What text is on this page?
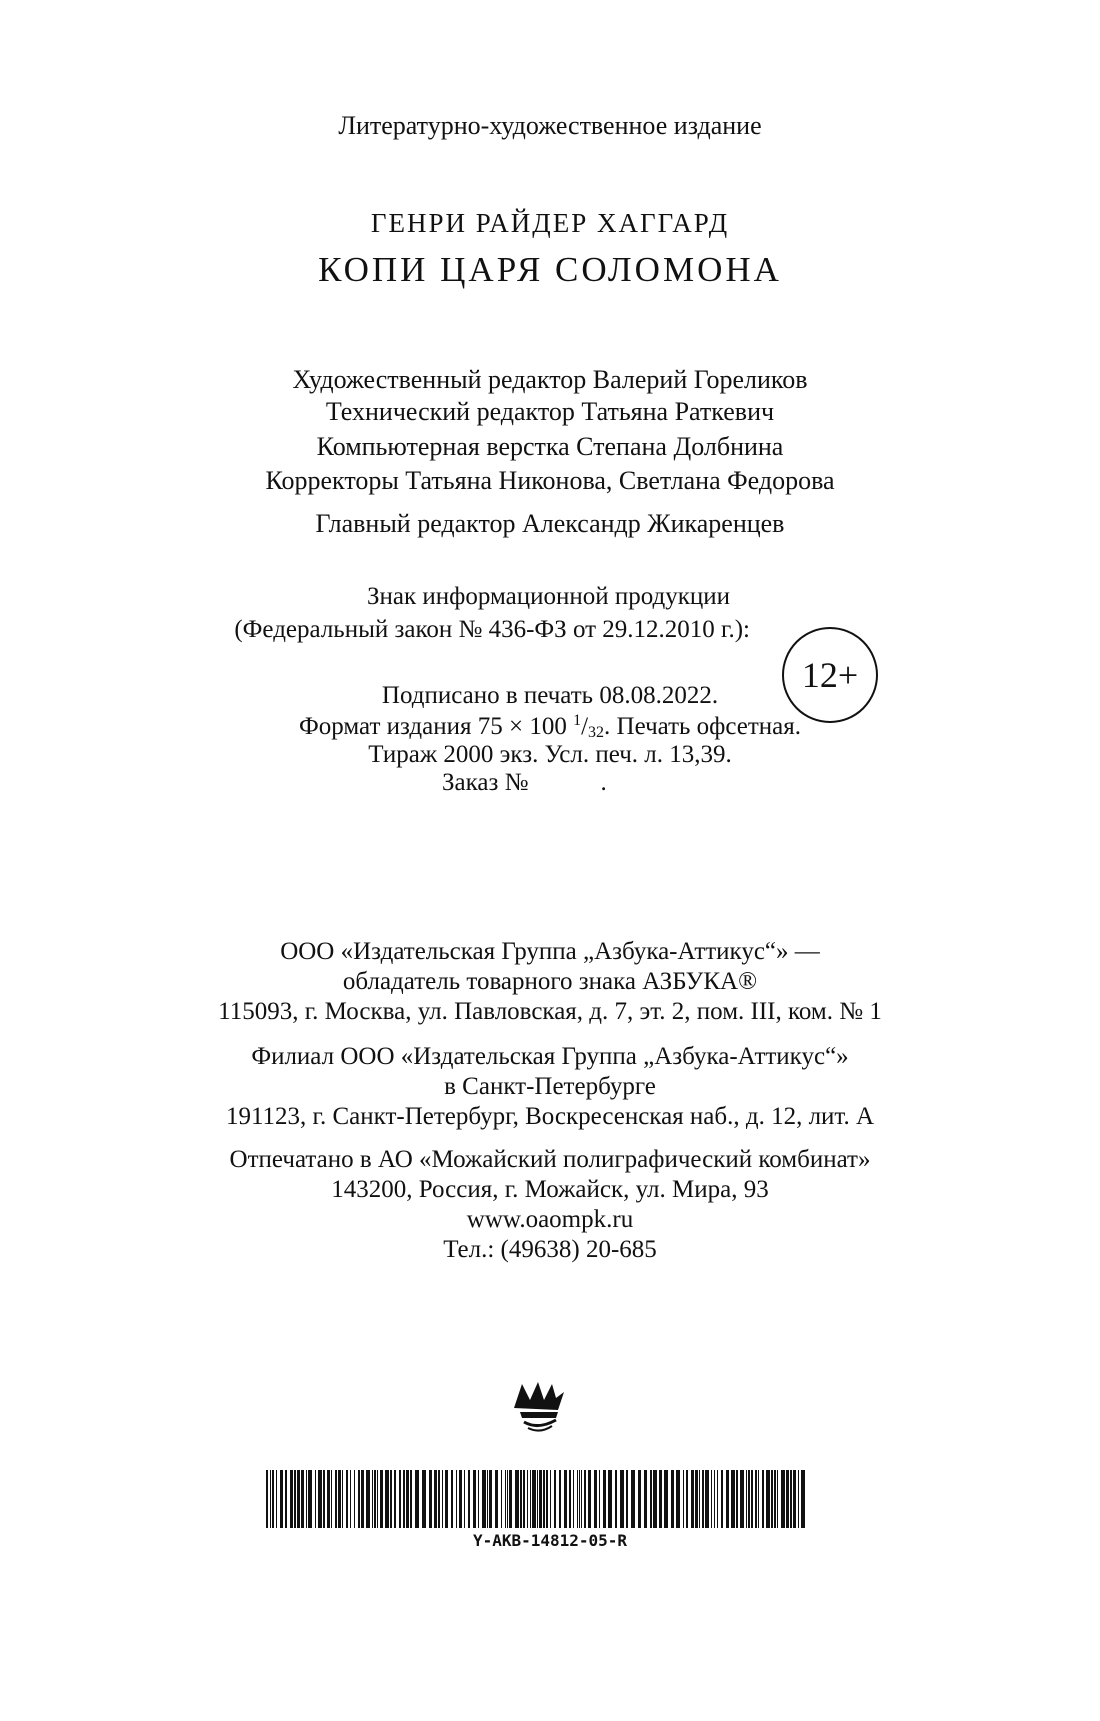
Литературно-художественное издание
ГЕНРИ РАЙДЕР ХАГГАРД
КОПИ ЦАРЯ СОЛОМОНА
Художественный редактор Валерий Гореликов
Технический редактор Татьяна Раткевич
Компьютерная верстка Степана Долбнина
Корректоры Татьяна Никонова, Светлана Федорова
Главный редактор Александр Жикаренцев
Знак информационной продукции
(Федеральный закон № 436-ФЗ от 29.12.2010 г.):
12+
Подписано в печать 08.08.2022.
Формат издания 75 × 100 $^1$/32. Печать офсетная.
Тираж 2000 экз. Усл. печ. л. 13,39.
Заказ №	.
ООО «Издательская Группа „Азбука-Аттикус“» —
обладатель товарного знака АЗБУКА®
115093, г. Москва, ул. Павловская, д. 7, эт. 2, пом. III, ком. № 1
Филиал ООО «Издательская Группа „Азбука-Аттикус“»
в Санкт-Петербурге
191123, г. Санкт-Петербург, Воскресенская наб., д. 12, лит. А
Отпечатано в АО «Можайский полиграфический комбинат»
143200, Россия, г. Можайск, ул. Мира, 93
www.oaompk.ru
Тел.: (49638) 20-685
Y-AKB-14812-05-R
